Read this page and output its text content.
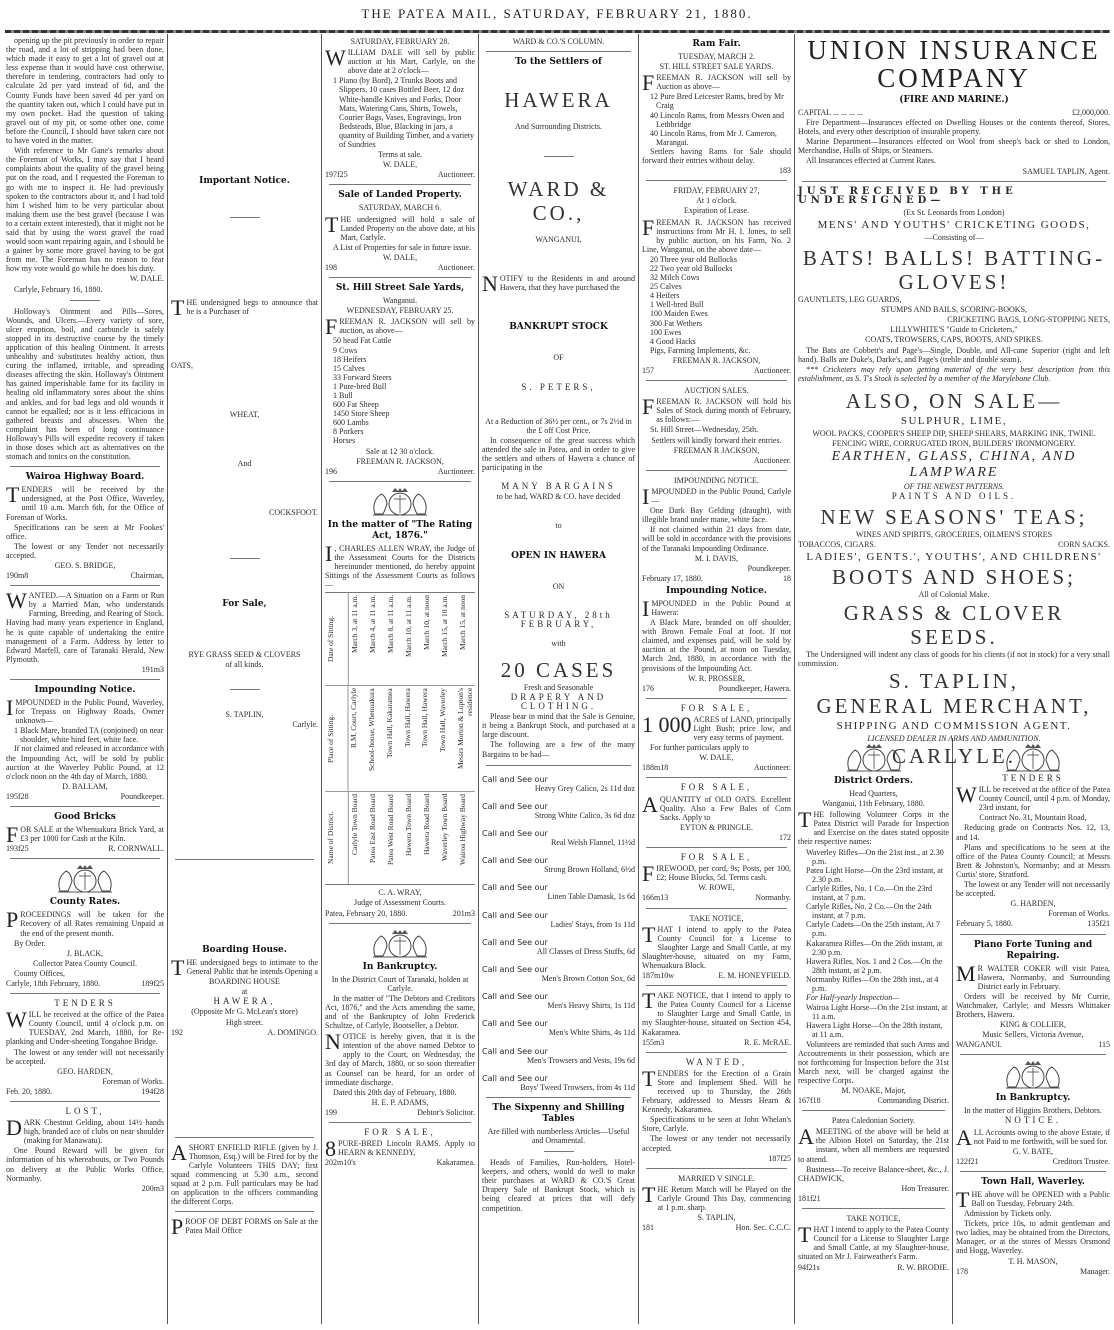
THE PATEA MAIL, SATURDAY, FEBRUARY 21, 1880.
opening up the pit previously in order to repair the road, and a lot of stripping had been done, which made it easy to get a lot of gravel out at less expense than it would have cost otherwise, therefore in tendering, contractors had only to calculate 2d per yard instead of 6d, and the County Funds have been saved 4d per yard on the quantity taken out, which I could have put in my own pocket. Had the question of taking gravel out of my pit, or some other one, come before the Council, I should have taken care not to have voted in the matter.
With reference to Mr Gane's remarks about the Foreman of Works, I may say that I heard complaints about the quality of the gravel being put on the road, and I requested the Foreman to go with me to inspect it. He had previously spoken to the contractors about it, and I had told him I wished him to be very particular about making them use the best gravel (because I was to a certain extent interested), that it might not be said that by using the worst gravel the road would soon want repairing again, and I should be a gainer by some more gravel having to be got from me. The Foreman has no reason to fear how my vote would go while he does his duty.
W. DALE.
Carlyle, February 16, 1880.
Holloway's Ointment and Pills—Sores, Wounds, and Ulcers.—Every variety of sore, ulcer eruption, boil, and carbuncle is safely stopped in its destructive course by the timely application of this healing Ointment. It arrests unhealthy and substitutes healthy action, thus curing the inflamed, irritable, and spreading diseases affecting the skin. Holloway's Ointment has gained imperishable fame for its facility in healing old inflammatory sores about the shins and ankles, and for bad legs and old wounds it cannot be equalled; nor is it less efficacious in gathered breasts and abscesses. When the complaint has been of long continuance Holloway's Pills will expedite recovery if taken in those doses which act as alternatives on the stomach and tonics on the constitution.
Wairoa Highway Board.
TENDERS will be received by the undersigned, at the Post Office, Waverley, until 10 a.m. March 6th, for the Office of Foreman of Works.
Specifications can be seen at Mr Fookes' office.
The lowest or any Tender not necessarily accepted.
GEO. S. BRIDGE,
190m8	Chairman,
WANTED.—A Situation on a Farm or Run by a Married Man, who understands Farming, Breeding, and Rearing of Stock. Having had many years experience in England, he is quite capable of undertaking the entire management of a Farm. Address by letter to Edward Marfell, care of Taranaki Herald, New Plymouth.
191m3
Impounding Notice.
IMPOUNDED in the Public Pound, Waverley, for Trepass on Highway Roads. Owner unknown—
1 Black Mare, branded TA (conjoined) on near shoulder, white hind feet, white face.
If not claimed and released in accordance with the Impounding Act, will be sold by public auction at the Waverley Public Pound, at 12 o'clock noon on the 4th day of March, 1880.
D. BALLAM,
195f28	Poundkeeper.
Good Bricks
FOR SALE at the Whenuakura Brick Yard, at £3 per 1000 for Cash at the Kiln.
193f25	R. CORNWALL.
County Rates.
PROCEEDINGS will be taken for the Recovery of all Rates remaining Unpaid at the end of the present month.
By Order.
J. BLACK,
Collector Patea County Council.
County Offices,
Carlyle, 18th February, 1880.	189f25
TENDERS
WILL be received at the office of the Patea County Council, until 4 o'clock p.m. on TUESDAY, 2nd March, 1880, for Re-planking and Under-sheeting Tongahoe Bridge.
The lowest or any tender will not necessarily be accepted.
GEO. HARDEN,
Foreman of Works.
Feb. 20, 1880.	194f28
LOST,
DARK Chestnut Gelding, about 14½ hands high, branded ace of clubs on near shoulder (making for Manawatu).
One Pound Reward will be given for information of his whereabouts, or Two Pounds on delivery at the Public Works Office, Normanby.
200m3
Important Notice.
THE undersigned begs to announce that he is a Purchaser of
OATS,
WHEAT,
And
COCKSFOOT.
For Sale,
RYE GRASS SEED & CLOVERS
of all kinds.
S. TAPLIN,
Carlyle.
Boarding House.
THE undersigned begs to intimate to the General Public that he intends Opening a
BOARDING HOUSE
at
HAWERA,
(Opposite Mr G. McLean's store)
High street.
192	A. DOMINGO.
ASHORT ENFIELD RIFLE (given by J. Thomson, Esq.) will be Fired for by the Carlyle Volunteers THIS DAY; first squad commencing at 5.30 a.m., second squad at 2 p.m. Full particulars may be had on application to the officers commanding the different Corps.
PROOF OF DEBT FORMS on Sale at the Patea Mail Office
SATURDAY, FEBRUARY 28.
WILLIAM DALE will sell by public auction at his Mart, Carlyle, on the above date at 2 o'clock—
1 Piano (by Bord), 2 Trunks Boots and Slippers, 10 cases Bottled Beer, 12 doz White-handle Knives and Forks, Door Mats, Watering Cans, Shirts, Towels, Courier Bags, Vases, Engravings, Iron Bedsteads, Blue, Blacking in jars, a quantity of Building Timber, and a variety of Sundries
Terms at sale.
W. DALE,
197f25	Auctioneer.
Sale of Landed Property.
SATURDAY, MARCH 6.
THE undersigned will hold a sale of Landed Property on the above date, at his Mart, Carlyle.
A List of Properties for sale in future issue.
W. DALE,
198	Auctioneer.
St. Hill Street Sale Yards,
Wanganui.
WEDNESDAY, FEBRUARY 25.
FREEMAN R. JACKSON will sell by auction, as above—
50 head Fat Cattle
9 Cows
18 Heifers
15 Calves
33 Forward Steers
1 Pure-bred Bull
1 Bull
600 Fat Sheep
1450 Store Sheep
600 Lambs
8 Porkers
Horses
Sale at 12 30 o'clock.
FREEMAN R. JACKSON,
196	Auctioneer.
In the matter of "The Rating Act, 1876."
I , CHARLES ALLEN WRAY, the Judge of the Assessment Courts for the Districts hereinunder mentioned, do hereby appoint Sittings of the Assessment Courts as follows—
Date of Sitting.	March 3, at 11 a.m.	March 4, at 11 a.m.	March 8, at 11 a.m.	March 10, at 11 a.m.	March 10, at noon	March 15, at 10 a.m.	March 15, at noon
Place of Sitting.	R.M. Court, Carlyle	School-house, Whenuakura	Town Hall, Kakaramea	Town Hall, Hawera	Town Hall, Hawera	Town Hall, Waverley	Messrs Morton & Lupton's residence
Name of District.	Carlyle Town Board	Patea East Road Board	Patea West Road Board	Hawera Town Board	Hawera Road Board	Waverley Town Board	Wairoa Highway Board
C. A. WRAY,
Judge of Assessment Courts.
Patea, February 20, 1880.	201m3
In Bankruptcy.
In the District Court of Taranaki, holden at Carlyle.
In the matter of "The Debtors and Creditors Act, 1876," and the Acts amending the same, and of the Bankruptcy of John Frederick Schultze, of Carlyle, Bootseller, a Debtor.
NOTICE is hereby given, that it is the intention of the above named Debtor to apply to the Court, on Wednesday, the 3rd day of March, 1880, or so soon thereafter as Counsel can be heard, for an order of immediate discharge.
Dated this 20th day of February, 1880.
H. E. P. ADAMS,
199	Debtor's Solicitor.
FOR SALE,
8 PURE-BRED Lincoln RAMS. Apply to HEARN & KENNEDY,
202m10's	Kakaramea.
WARD & CO.'S COLUMN.
To the Settlers of
HAWERA
And Surrounding Districts.
WARD & CO.,
WANGANUI,
NOTIFY to the Residents in and around Hawera, that they have purchased the
BANKRUPT STOCK
OF
S. PETERS,
At a Reduction of 36½ per cent., or 7s 2½d in the £ off Cost Price.
In consequence of the great success which attended the sale in Patea, and in order to give the settlers and others of Hawera a chance of participating in the
MANY BARGAINS
to be had, WARD & CO. have decided
to
OPEN IN HAWERA
ON
SATURDAY, 28th FEBRUARY,
with
20 CASES
Fresh and Seasonable
DRAPERY AND CLOTHING.
Please bear in mind that the Sale is Genuine, it being a Bankrupt Stock, and purchased at a large discount.
The following are a few of the many Bargains to be had—
Call and See our
Heavy Grey Calico, 2s 11d doz
Call and See our
Strong White Calico, 3s 6d doz
Call and See our
Real Welsh Flannel, 11½d
Call and See our
Strong Brown Holland, 6½d
Call and See our
Linen Table Damask, 1s 6d
Call and See our
Ladies' Stays, from 1s 11d
Call and See our
All Classes of Dress Stuffs, 6d
Call and See our
Men's Brown Cotton Sox, 6d
Call and See our
Men's Heavy Shirts, 1s 11d
Call and See our
Men's White Shirts, 4s 11d
Call and See our
Men's Trowsers and Vests, 19s 6d
Call and See our
Boys' Tweed Trowsers, from 4s 11d
The Sixpenny and Shilling Tables
Are filled with numberless Articles—Useful and Ornamental.
Heads of Families, Run-holders, Hotel-keepers, and others, would do well to make their purchases at WARD & CO.'S Great Drapery Sale of Bankrupt Stock, which is being cleared at prices that will defy competition.
Ram Fair.
TUESDAY, MARCH 2.
ST. HILL STREET SALE YARDS.
FREEMAN R. JACKSON will sell by Auction as above—
12 Pure Bred Leicester Rams, bred by Mr Craig
40 Lincoln Rams, from Messrs Owen and Lethbridge
40 Lincoln Rams, from Mr J. Cameron, Marangai.
Settlers having Rams for Sale should forward their entries without delay.
183
FRIDAY, FEBRUARY 27,
At 1 o'clock.
Expiration of Lease.
FREEMAN R. JACKSON has received instructions from Mr H. I. Jones, to sell by public auction, on his Farm, No. 2 Line, Wanganui, on the above date—
20 Three year old Bullocks
22 Two year old Bullocks
32 Milch Cows
25 Calves
4 Heifers
1 Well-bred Bull
100 Maiden Ewes
300 Fat Wethers
100 Ewes
4 Good Hacks
Pigs, Farming Implements, &c.
FREEMAN R. JACKSON,
157	Auctioneer.
AUCTION SALES.
FREEMAN R. JACKSON will hold his Sales of Stock during month of February, as follows:—
St. Hill Street—Wednesday, 25th.
Settlers will kindly forward their entries.
FREEMAN R JACKSON,
Auctioneer.
IMPOUNDING NOTICE.
IMPOUNDED in the Public Pound, Carlyle—
One Dark Bay Gelding (draught), with illegible brand under mane, white face.
If not claimed within 21 days from date, will be sold in accordance with the provisions of the Taranaki Impounding Ordinance.
M. I. DAVIS,
Poundkeeper.
February 17, 1880.	18
Impounding Notice.
IMPOUNDED in the Public Pound at Hawera:
A Black Mare, branded on off shoulder, with Brown Female Foal at foot. If not claimed, and expenses paid, will be sold by auction at the Pound, at noon on Tuesday, March 2nd, 1880, in accordance with the provisions of the Impounding Act.
W. R. PROSSER,
176	Poundkeeper, Hawera.
FOR SALE,
1 000 ACRES of LAND, principally Light Bush; price low, and very easy terms of payment.
For further particulars apply to
W. DALE,
188m18	Auctioneer.
FOR SALE,
A QUANTITY of OLD OATS. Excellent Quality. Also a Few Bales of Corn Sacks. Apply to
EYTON & PRINGLE.
172
FOR SALE,
FIREWOOD, per cord, 9s; Posts, per 100, £2; House Blocks, 5d. Terms cash.
W. ROWE,
166m13	Normanby.
TAKE NOTICE,
THAT I intend to apply to the Patea County Council for a License to Slaughter Large and Small Cattle, at my Slaughter-house, situated on my Farm, Whenuakura Block.
187m10w	E. M. HONEYFIELD.
TAKE NOTICE, that I intend to apply to the Patea County Council for a License to Slaughter Large and Small Cattle, in my Slaughter-house, situated on Section 454, Kakaramea.
155m3	R. E. McRAE.
WANTED,
TENDERS for the Erection of a Grain Store and Implement Shed. Will be received up to Thursday, the 26th February, addressed to Messrs Hearn & Kennedy, Kakaramea.
Specifications to be seen at John Whelan's Store, Carlyle.
The lowest or any tender not necessarily accepted.
187f25
MARRIED V SINGLE.
THE Return Match will be Played on the Carlyle Ground This Day, commencing at 1 p.m. sharp.
S. TAPLIN,
181	Hon. Sec. C.C.C.
UNION INSURANCE COMPANY
(FIRE AND MARINE.)
CAPITAL ... ... ... ...	£2,000,000.
Fire Department—Insurances effected on Dwelling Houses or the contents thereof, Stores, Hotels, and every other description of insurable property.
Marine Department—Insurances effected on Wool from sheep's back or shed to London, Merchandise, Hulls of Ships, or Steamers.
All Insurances effected at Current Rates.
SAMUEL TAPLIN, Agent.
JUST RECEIVED BY THE UNDERSIGNED—
(Ex St. Leonards from London)
MENS' AND YOUTHS' CRICKETING GOODS,
—Consisting of—
BATS! BALLS! BATTING-GLOVES!
GAUNTLETS, LEG GUARDS,
STUMPS AND BAILS, SCORING-BOOKS,
CRICKETING BAGS, LONG-STOPPING NETS,
LILLYWHITE'S "Guide to Cricketers,"
COATS, TROWSERS, CAPS, BOOTS, AND SPIKES.
The Bats are Cobbett's and Page's—Single, Double, and All-cane Superior (right and left hand). Balls are Duke's, Darke's, and Page's (treble and double seam).
*** Cricketers may rely upon getting material of the very best description from this establishment, as S. T's Stock is selected by a member of the Marylebone Club.
ALSO, ON SALE—
SULPHUR, LIME,
WOOL PACKS, COOPER'S SHEEP DIP, SHEEP SHEARS, MARKING INK, TWINE.
FENCING WIRE, CORRUGATED IRON, BUILDERS' IRONMONGERY.
EARTHEN, GLASS, CHINA, AND LAMPWARE
OF THE NEWEST PATTERNS.
PAINTS AND OILS.
NEW SEASONS' TEAS;
WINES AND SPIRITS, GROCERIES, OILMEN'S STORES
TOBACCOS, CIGARS.	CORN SACKS.
LADIES', GENTS.', YOUTHS', AND CHILDRENS'
BOOTS AND SHOES;
All of Colonial Make.
GRASS & CLOVER SEEDS.
The Undersigned will indent any class of goods for his clients (if not in stock) for a very small commission.
S. TAPLIN,
GENERAL MERCHANT,
SHIPPING AND COMMISSION AGENT.
LICENSED DEALER IN ARMS AND AMMUNITION.
CARLYLE.
District Orders.
Head Quarters,
Wanganui, 11th February, 1880.
THE following Volunteer Corps in the Patea District will Parade for Inspection and Exercise on the dates stated opposite their respective names:
Waverley Rifles—On the 21st inst., at 2.30 p.m.
Patea Light Horse—On the 23rd instant, at 2.30 p.m.
Carlyle Rifles, No. 1 Co.—On the 23rd instant, at 7 p.m.
Carlyle Rifles, No. 2 Co.—On the 24th instant, at 7 p.m.
Carlyle Cadets—On the 25th instant, At 7 p.m.
Kakaramea Rifles—On the 26th instant, at 2.30 p.m.
Hawera Rifles, Nos. 1 and 2 Cos.—On the 28th instant, at 2 p.m.
Normanby Rifles—On the 28th inst., at 4 p.m.
For Half-yearly Inspection—
Wairoa Light Horse—On the 21st instant, at 11 a.m.
Hawera Light Horse—On the 28th instant, at 11 a.m.
Volunteers are reminded that such Arms and Accoutrements in their possession, which are not forthcoming for Inspection before the 31st March next, will be charged against the respective Corps.
M. NOAKE, Major,
167f18	Commanding District.
Patea Caledonian Society.
A MEETING of the above will be held at the Albion Hotel on Saturday, the 21st instant, when all members are requested to attend.
Business—To receive Balance-sheet, &c., J. CHADWICK,
Hon Treasurer.
181f21
TAKE NOTICE,
THAT I intend to apply to the Patea County Council for a License to Slaughter Large and Small Cattle, at my Slaughter-house, situated on Mr J. Fairweather's Farm.
94f21s	R. W. BRODIE.
TENDERS
WILL be received at the office of the Patea County Council, until 4 p.m. of Monday, 23rd instant, for
Contract No. 31, Mountain Road,
Reducing grade on Contracts Nos. 12, 13, and 14.
Plans and specifications to be seen at the office of the Patea County Council; at Messrs Brett & Johnston's, Normanby; and at Messrs Curtis' store, Stratford.
The lowest or any Tender will not necessarily be accepted.
G. HARDEN,
Foreman of Works.
February 5, 1880.	135f21
Piano Forte Tuning and Repairing.
M R WALTER COKER will visit Patea, Hawera, Normanby, and Surrounding District early in February.
Orders will be received by Mr Currie, Watchmaker, Carlyle; and Messrs Whittaker Brothers, Hawera.
KING & COLLIER,
Music Sellers, Victoria Avenue,
WANGANUI.	115
In Bankruptcy.
In the matter of Higgins Brothers, Debtors.
NOTICE.
ALL Accounts owing to the above Estate, if not Paid to me forthwith, will be sued for.
G. V. BATE,
122f21	Creditors Trustee.
Town Hall, Waverley.
THE above will be OPENED with a Public Ball on Tuesday, February 24th.
Admission by Tickets only.
Tickets, price 10s, to admit gentleman and two ladies, may be obtained from the Directors, Manager, or at the stores of Messrs Orsmond and Hogg, Waverley.
T. H. MASON,
178	Manager.
